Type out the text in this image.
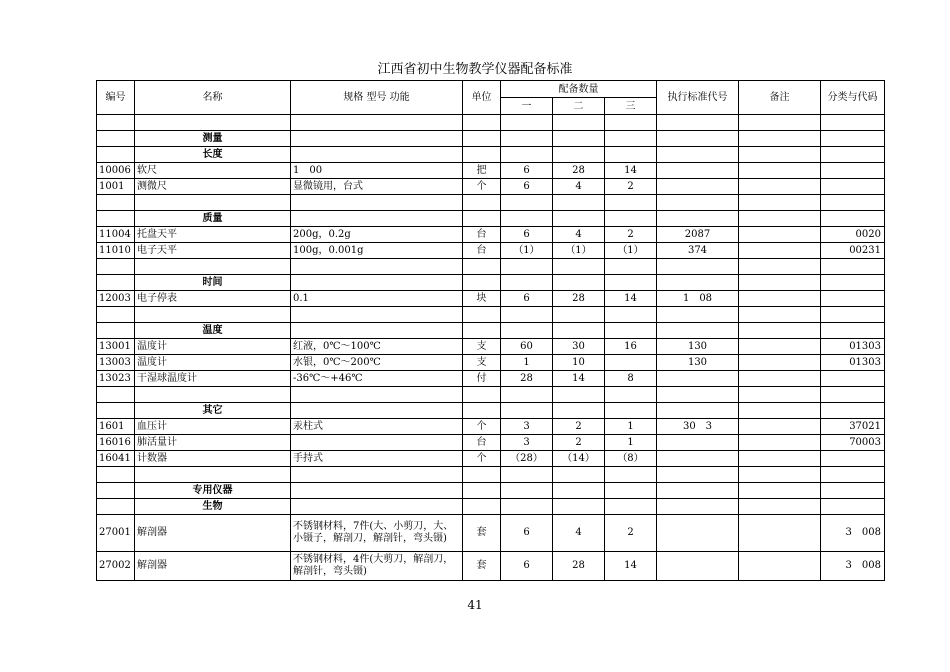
江西省初中生物教学仪器配备标准
编号	名称	规格 型号 功能	单位	配备数量			执行标准代号	备注	分类与代码
				一	二	三			

	测量								
	长度								
10006	软尺	1　00	把	6	28	14			
1001	测微尺	显微镜用，台式	个	6	4	2			

	质量								
11004	托盘天平	200g，0.2g	台	6	4	2	2087		0020
11010	电子天平	100g，0.001g	台	（1）	（1）	（1）	374		00231

	时间								
12003	电子停表	0.1	块	6	28	14	1　08		

	温度								
13001	温度计	红液，0℃～100℃	支	60	30	16	130		01303
13003	温度计	水银，0℃～200℃	支	1	10		130		01303
13023	干湿球温度计	-36℃～+46℃	付	28	14	8			

	其它								
1601	血压计	汞柱式	个	3	2	1	30　3		37021
16016	肺活量计		台	3	2	1			70003
16041	计数器	手持式	个	（28）	（14）	（8）			

	专用仪器								
	生物								
27001	解剖器	不锈钢材料，7件(大、小剪刀，大、小镊子，解剖刀，解剖针，弯头镊)	套	6	4	2			3　008
27002	解剖器	不锈钢材料，4件(大剪刀，解剖刀，解剖针，弯头镊)	套	6	28	14			3　008
41
